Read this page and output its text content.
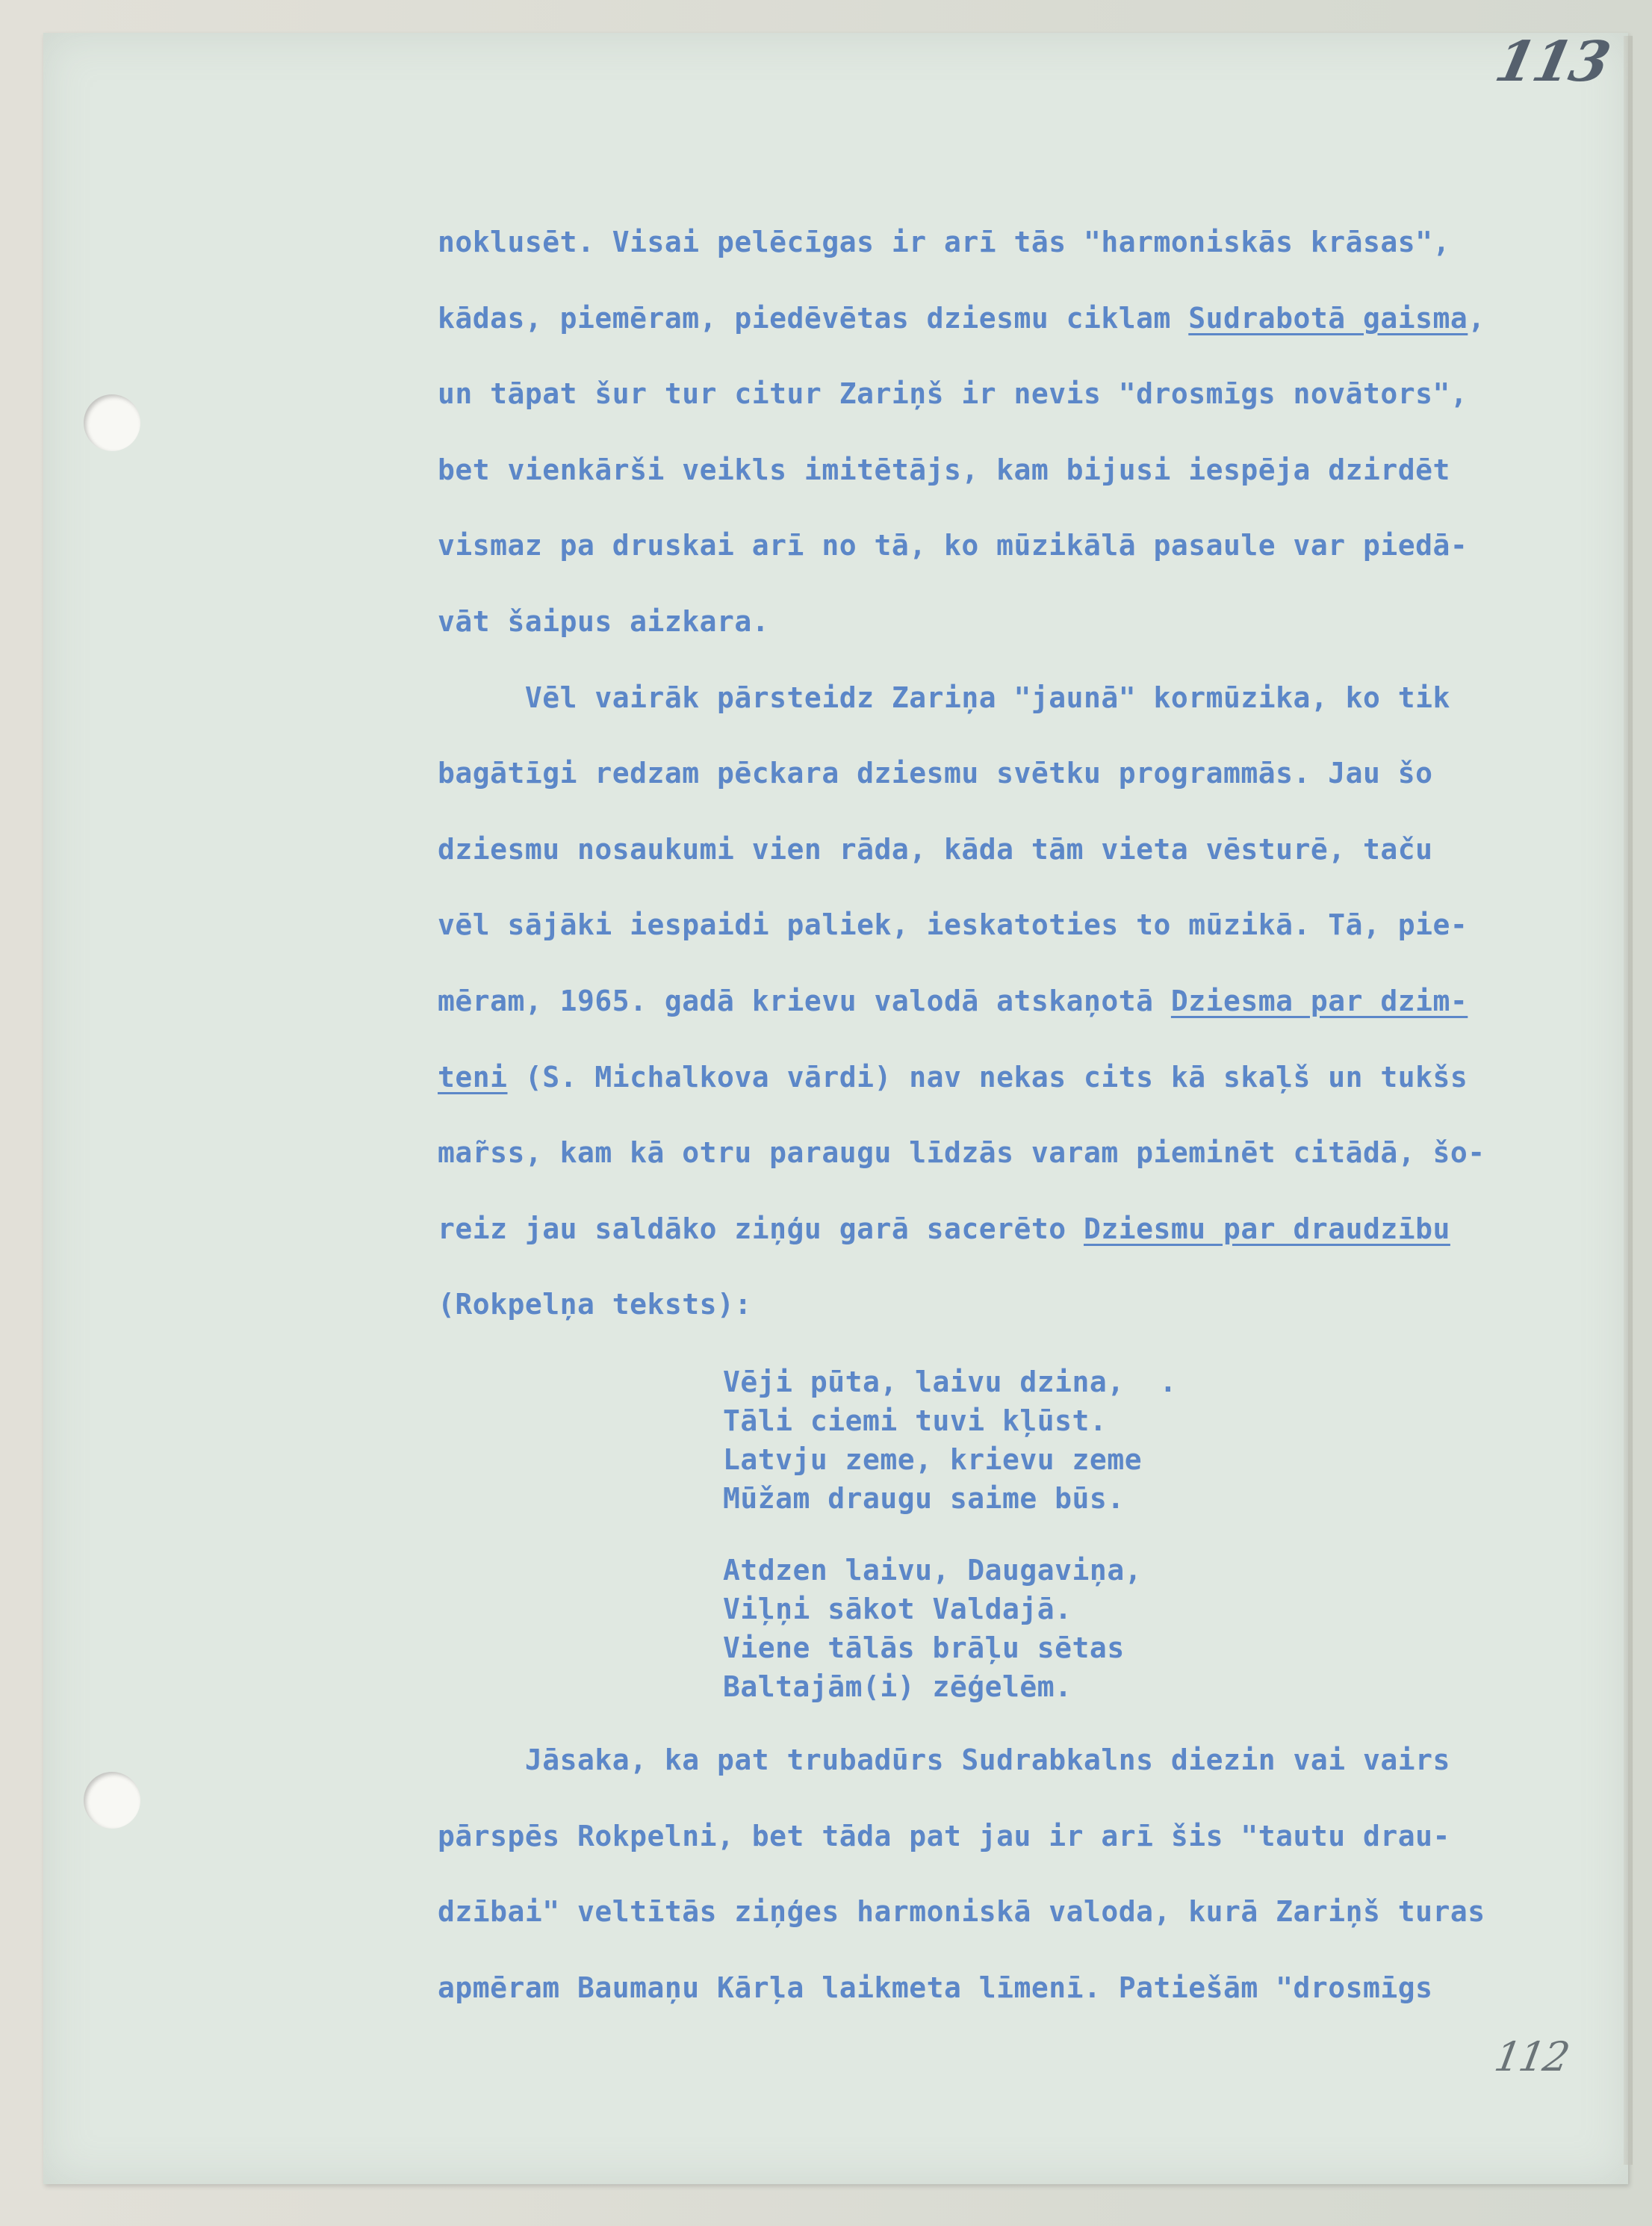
113
112
noklusēt. Visai pelēcīgas ir arī tās "harmoniskās krāsas",
kādas, piemēram, piedēvētas dziesmu ciklam Sudrabotā gaisma,
un tāpat šur tur citur Zariņš ir nevis "drosmīgs novātors",
bet vienkārši veikls imitētājs, kam bijusi iespēja dzirdēt
vismaz pa druskai arī no tā, ko mūzikālā pasaule var piedā-
vāt šaipus aizkara.
Vēl vairāk pārsteidz Zariņa "jaunā" kormūzika, ko tik
bagātīgi redzam pēckara dziesmu svētku programmās. Jau šo
dziesmu nosaukumi vien rāda, kāda tām vieta vēsturē, taču
vēl sājāki iespaidi paliek, ieskatoties to mūzikā. Tā, pie-
mēram, 1965. gadā krievu valodā atskaņotā Dziesma par dzim-
teni (S. Michalkova vārdi) nav nekas cits kā skaļš un tukšs
mar̃ss, kam kā otru paraugu līdzās varam pieminēt citādā, šo-
reiz jau saldāko ziņģu garā sacerēto Dziesmu par draudzību
(Rokpelņa teksts):
Vēji pūta, laivu dzina,  .
Tāli ciemi tuvi kļūst.
Latvju zeme, krievu zeme
Mūžam draugu saime būs.
Atdzen laivu, Daugaviņa,
Viļņi sākot Valdajā.
Viene tālās brāļu sētas
Baltajām(i) zēģelēm.
Jāsaka, ka pat trubadūrs Sudrabkalns diezin vai vairs
pārspēs Rokpelni, bet tāda pat jau ir arī šis "tautu drau-
dzībai" veltītās ziņģes harmoniskā valoda, kurā Zariņš turas
apmēram Baumaņu Kārļa laikmeta līmenī. Patiešām "drosmīgs
